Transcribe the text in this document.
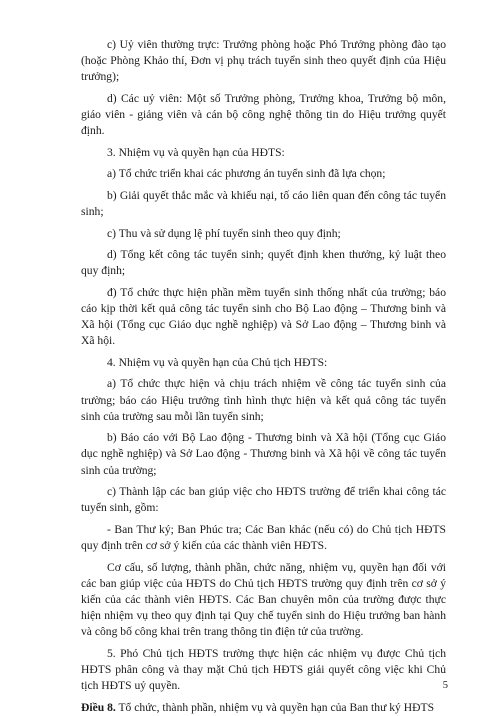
c) Uỷ viên thường trực: Trưởng phòng hoặc Phó Trưởng phòng đào tạo (hoặc Phòng Khảo thí, Đơn vị phụ trách tuyển sinh theo quyết định của Hiệu trưởng);

d) Các uỷ viên: Một số Trưởng phòng, Trưởng khoa, Trưởng bộ môn, giáo viên - giảng viên và cán bộ công nghệ thông tin do Hiệu trưởng quyết định.

3. Nhiệm vụ và quyền hạn của HĐTS:

a) Tổ chức triển khai các phương án tuyển sinh đã lựa chọn;

b) Giải quyết thắc mắc và khiếu nại, tố cáo liên quan đến công tác tuyển sinh;

c) Thu và sử dụng lệ phí tuyển sinh theo quy định;

d) Tổng kết công tác tuyển sinh; quyết định khen thưởng, kỷ luật theo quy định;

đ) Tổ chức thực hiện phần mềm tuyển sinh thống nhất của trường; báo cáo kịp thời kết quả công tác tuyển sinh cho Bộ Lao động – Thương binh và Xã hội (Tổng cục Giáo dục nghề nghiệp) và Sở Lao động – Thương binh và Xã hội.

4. Nhiệm vụ và quyền hạn của Chủ tịch HĐTS:

a) Tổ chức thực hiện và chịu trách nhiệm về công tác tuyển sinh của trường; báo cáo Hiệu trưởng tình hình thực hiện và kết quả công tác tuyển sinh của trường sau mỗi lần tuyển sinh;

b) Báo cáo với Bộ Lao động - Thương binh và Xã hội (Tổng cục Giáo dục nghề nghiệp) và Sở Lao động - Thương binh và Xã hội về công tác tuyển sinh của trường;

c) Thành lập các ban giúp việc cho HĐTS trường để triển khai công tác tuyển sinh, gồm:

- Ban Thư ký; Ban Phúc tra; Các Ban khác (nếu có) do Chủ tịch HĐTS quy định trên cơ sở ý kiến của các thành viên HĐTS.

Cơ cấu, số lượng, thành phần, chức năng, nhiệm vụ, quyền hạn đối với các ban giúp việc của HĐTS do Chủ tịch HĐTS trường quy định trên cơ sở ý kiến của các thành viên HĐTS. Các Ban chuyên môn của trường được thực hiện nhiệm vụ theo quy định tại Quy chế tuyển sinh do Hiệu trưởng ban hành và công bố công khai trên trang thông tin điện tử của trường.

5. Phó Chủ tịch HĐTS trường thực hiện các nhiệm vụ được Chủ tịch HĐTS phân công và thay mặt Chủ tịch HĐTS giải quyết công việc khi Chủ tịch HĐTS uỷ quyền.

Điều 8. Tổ chức, thành phần, nhiệm vụ và quyền hạn của Ban thư ký HĐTS

5
